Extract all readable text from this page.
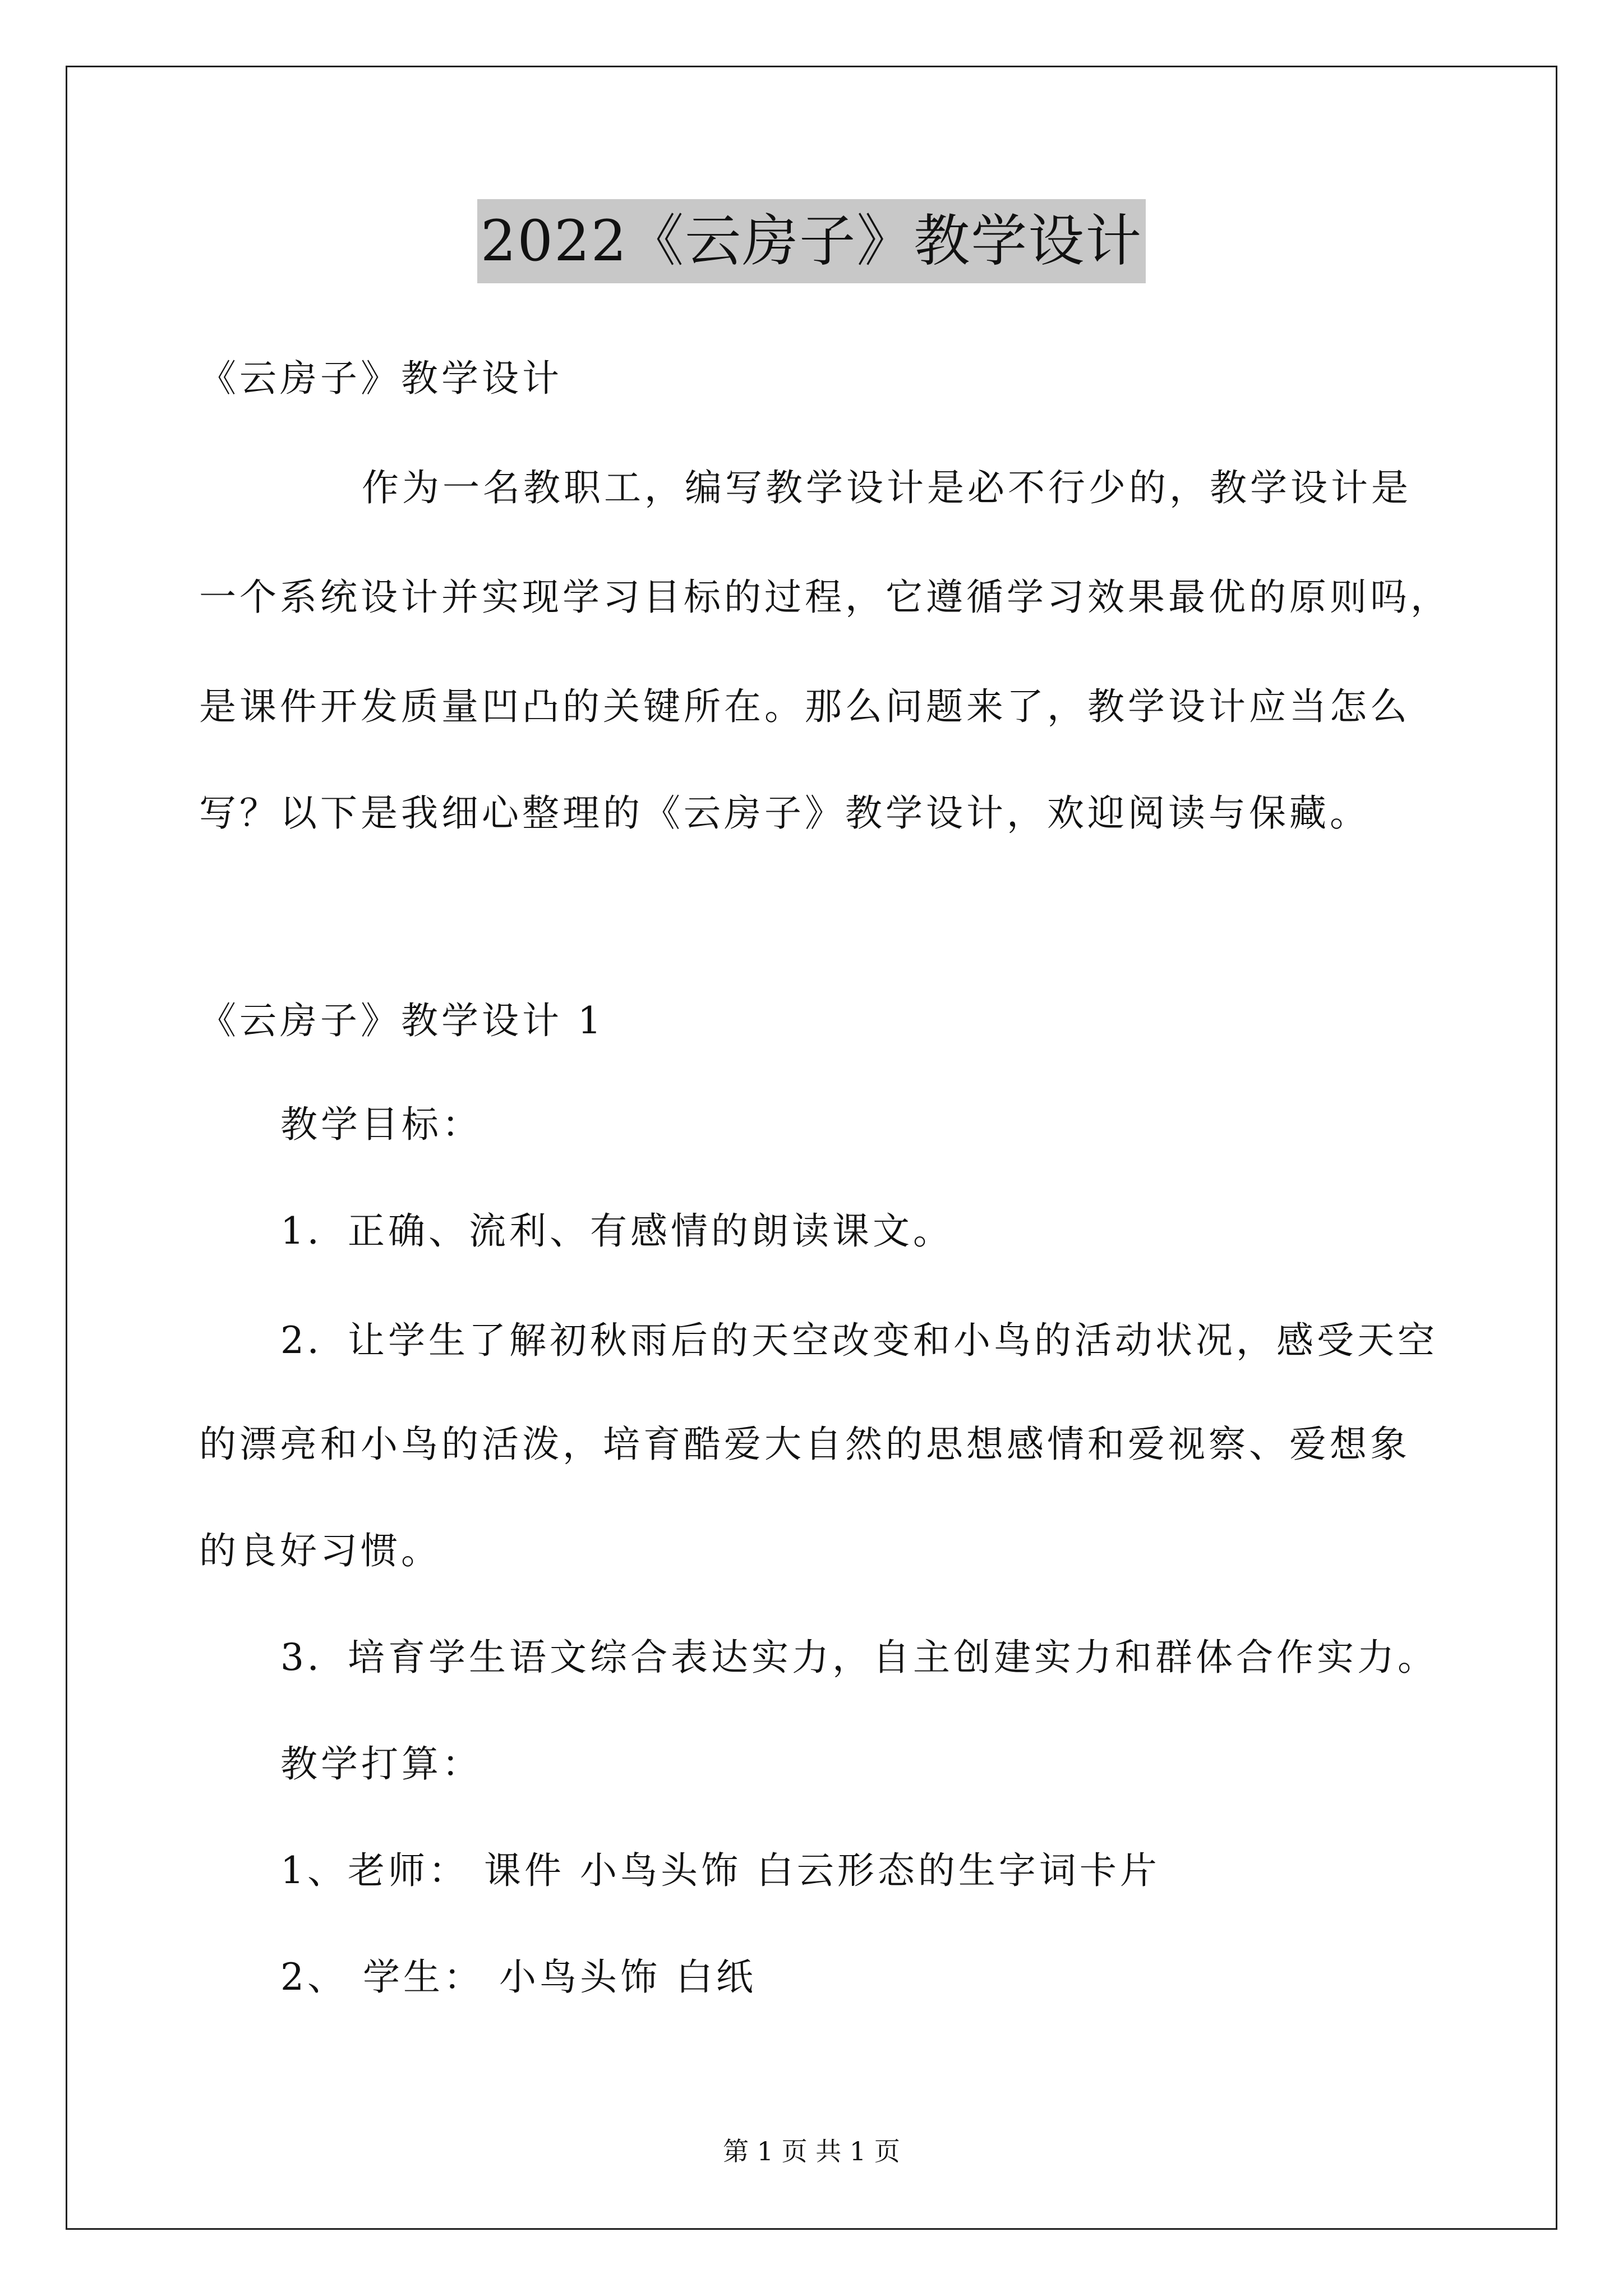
2022《云房子》教学设计
《云房子》教学设计
作为一名教职工，编写教学设计是必不行少的，教学设计是
一个系统设计并实现学习目标的过程，它遵循学习效果最优的原则吗，
是课件开发质量凹凸的关键所在。那么问题来了，教学设计应当怎么
写？以下是我细心整理的《云房子》教学设计，欢迎阅读与保藏。
《云房子》教学设计 1
教学目标：
1．正确、流利、有感情的朗读课文。
2．让学生了解初秋雨后的天空改变和小鸟的活动状况，感受天空
的漂亮和小鸟的活泼，培育酷爱大自然的思想感情和爱视察、爱想象
的良好习惯。
3．培育学生语文综合表达实力，自主创建实力和群体合作实力。
教学打算：
1、老师： 课件 小鸟头饰 白云形态的生字词卡片
2、 学生： 小鸟头饰 白纸
第 1 页 共 1 页
